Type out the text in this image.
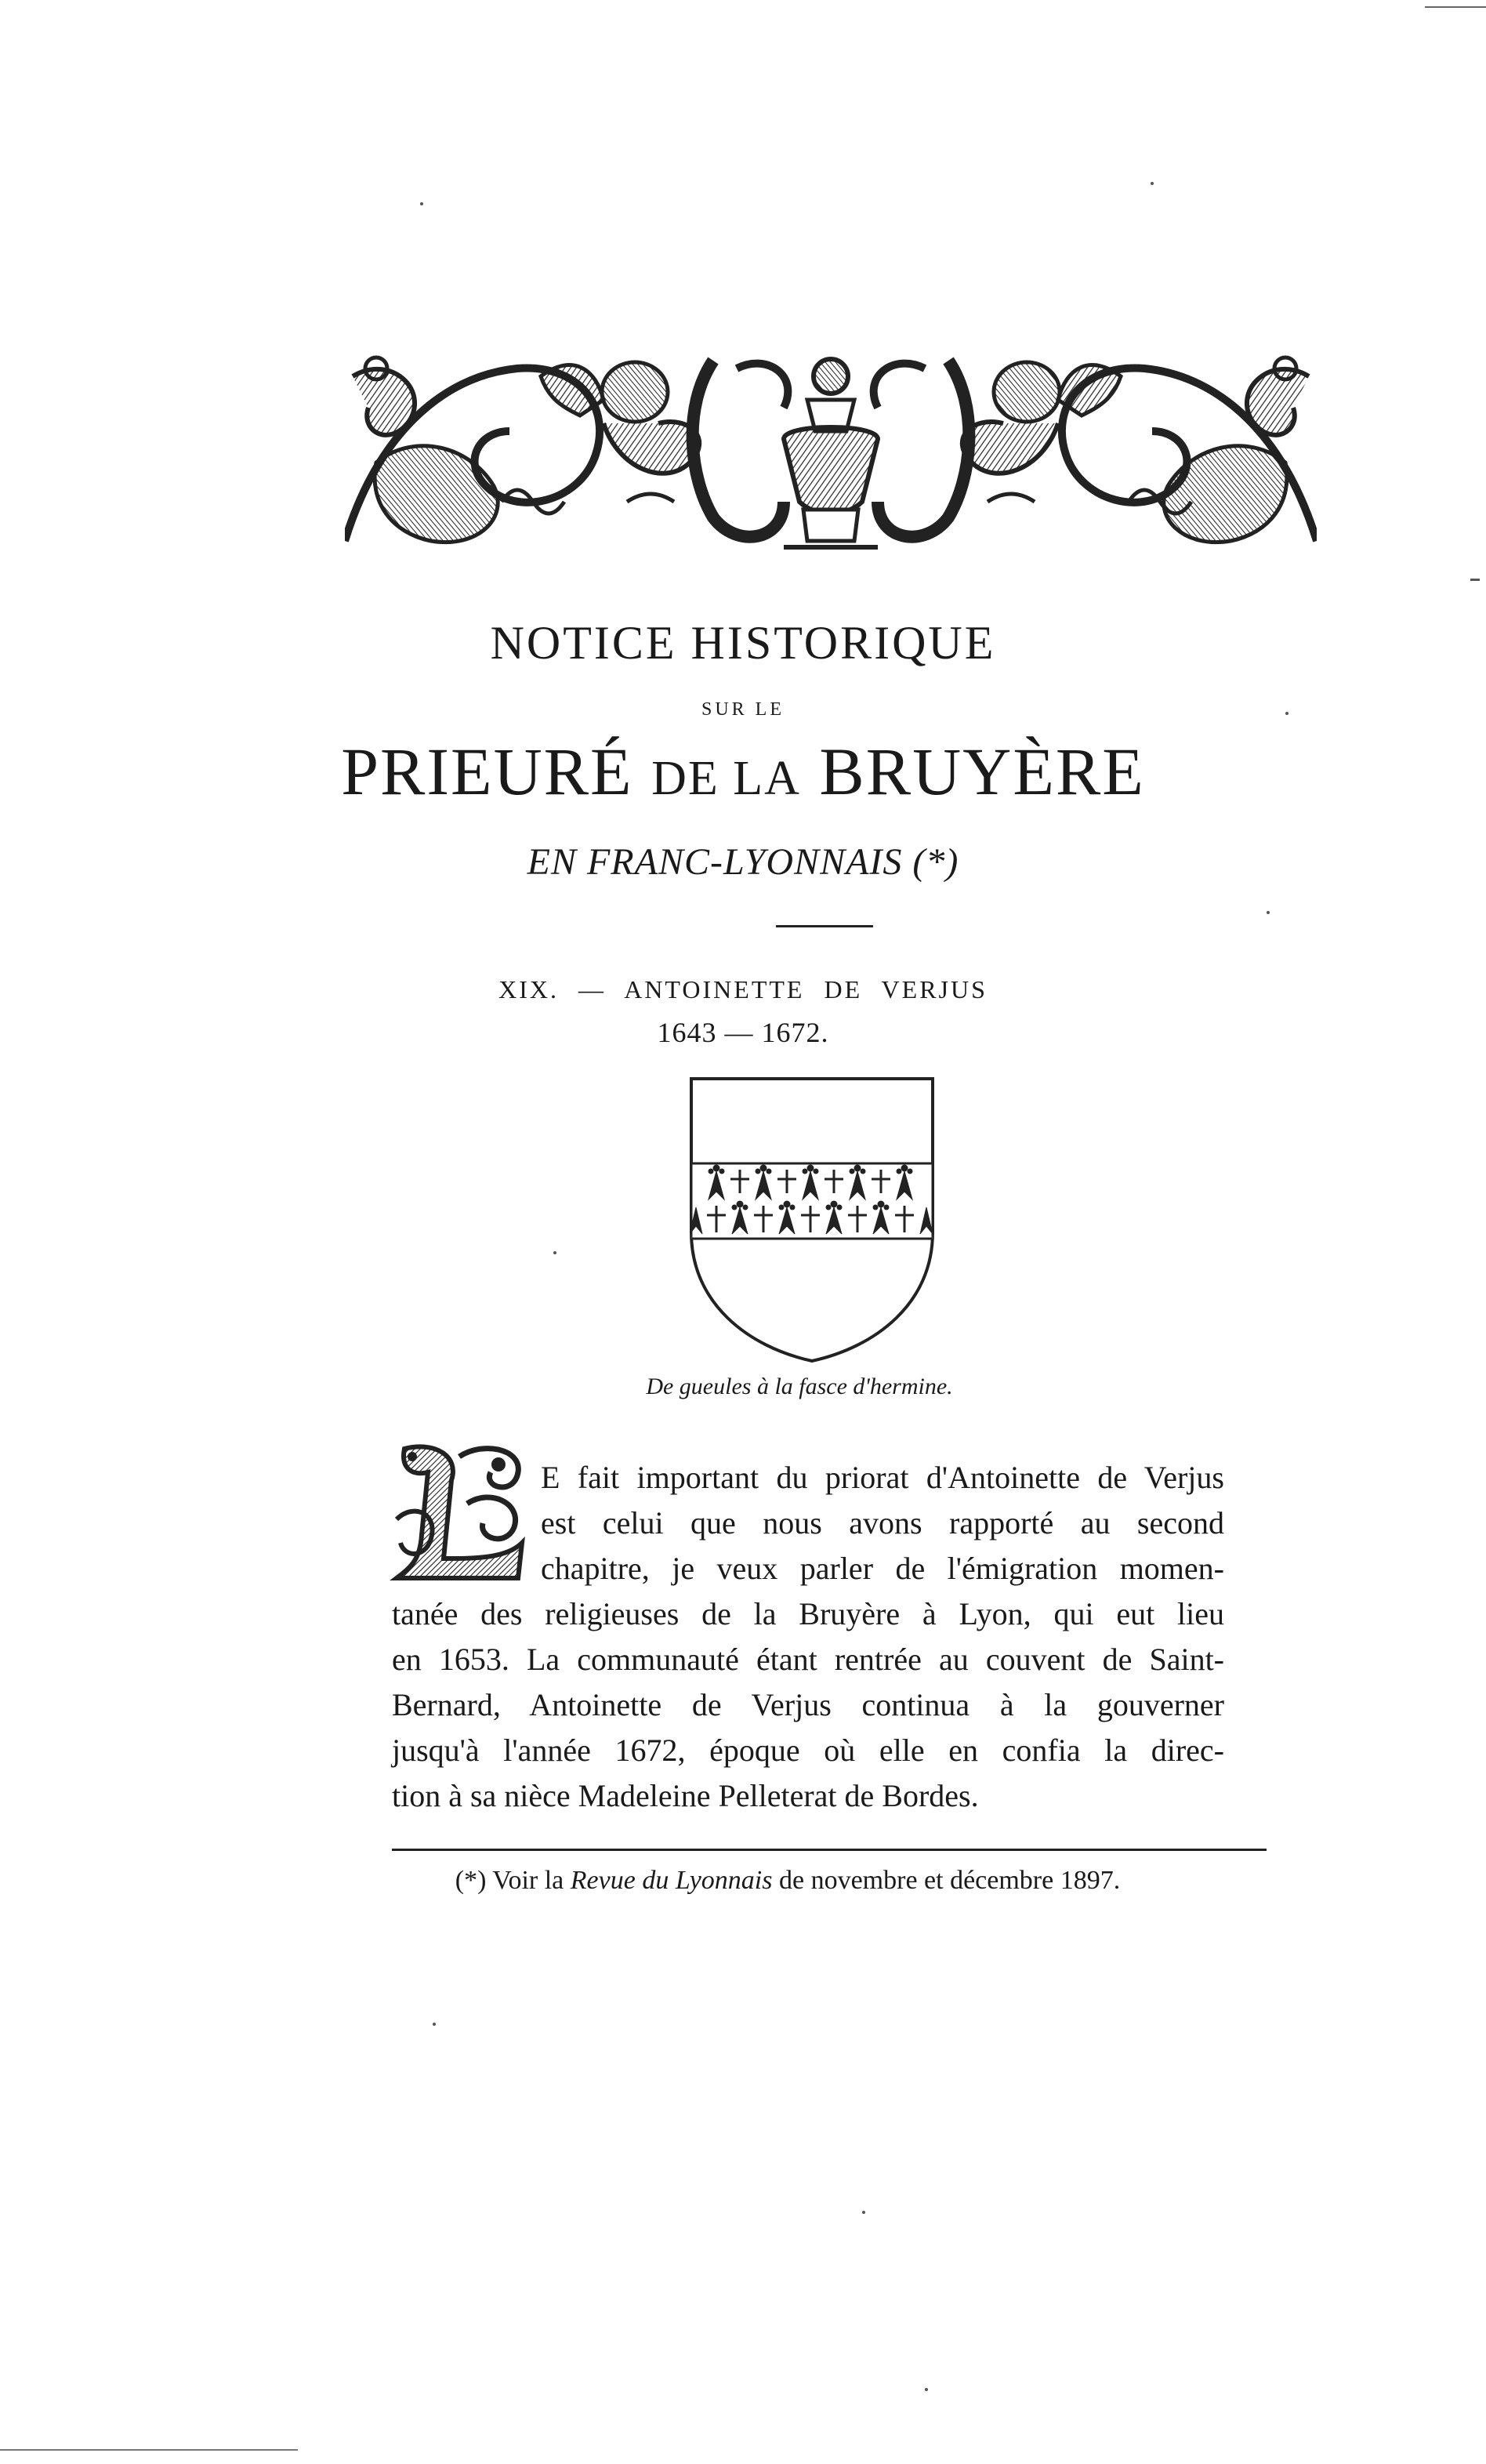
NOTICE HISTORIQUE
SUR LE
PRIEURÉ DE LA BRUYÈRE
EN FRANC-LYONNAIS (*)
XIX. — ANTOINETTE DE VERJUS
1643 — 1672.
De gueules à la fasce d'hermine.
E fait important du priorat d'Antoinette de Verjus
est celui que nous avons rapporté au second
chapitre, je veux parler de l'émigration momen-
tanée des religieuses de la Bruyère à Lyon, qui eut lieu
en 1653. La communauté étant rentrée au couvent de Saint-
Bernard, Antoinette de Verjus continua à la gouverner
jusqu'à l'année 1672, époque où elle en confia la direc-
tion à sa nièce Madeleine Pelleterat de Bordes.
(*) Voir la Revue du Lyonnais de novembre et décembre 1897.
